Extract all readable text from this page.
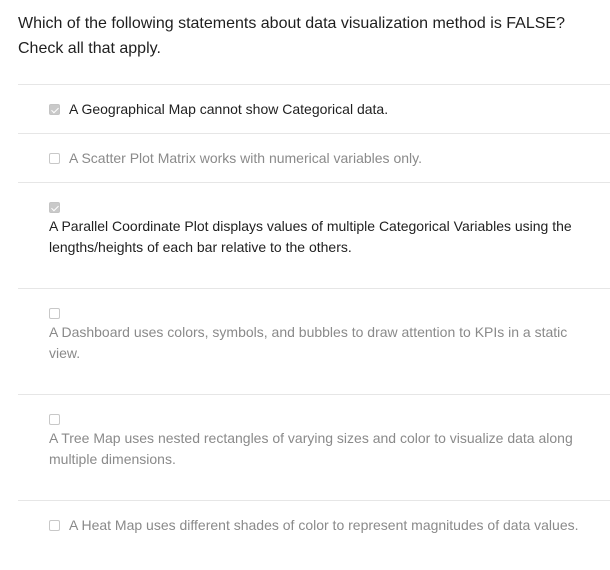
Which of the following statements about data visualization method is FALSE? Check all that apply.

A Geographical Map cannot show Categorical data.
A Scatter Plot Matrix works with numerical variables only.
A Parallel Coordinate Plot displays values of multiple Categorical Variables using the lengths/heights of each bar relative to the others.
A Dashboard uses colors, symbols, and bubbles to draw attention to KPIs in a static view.
A Tree Map uses nested rectangles of varying sizes and color to visualize data along multiple dimensions.
A Heat Map uses different shades of color to represent magnitudes of data values.
